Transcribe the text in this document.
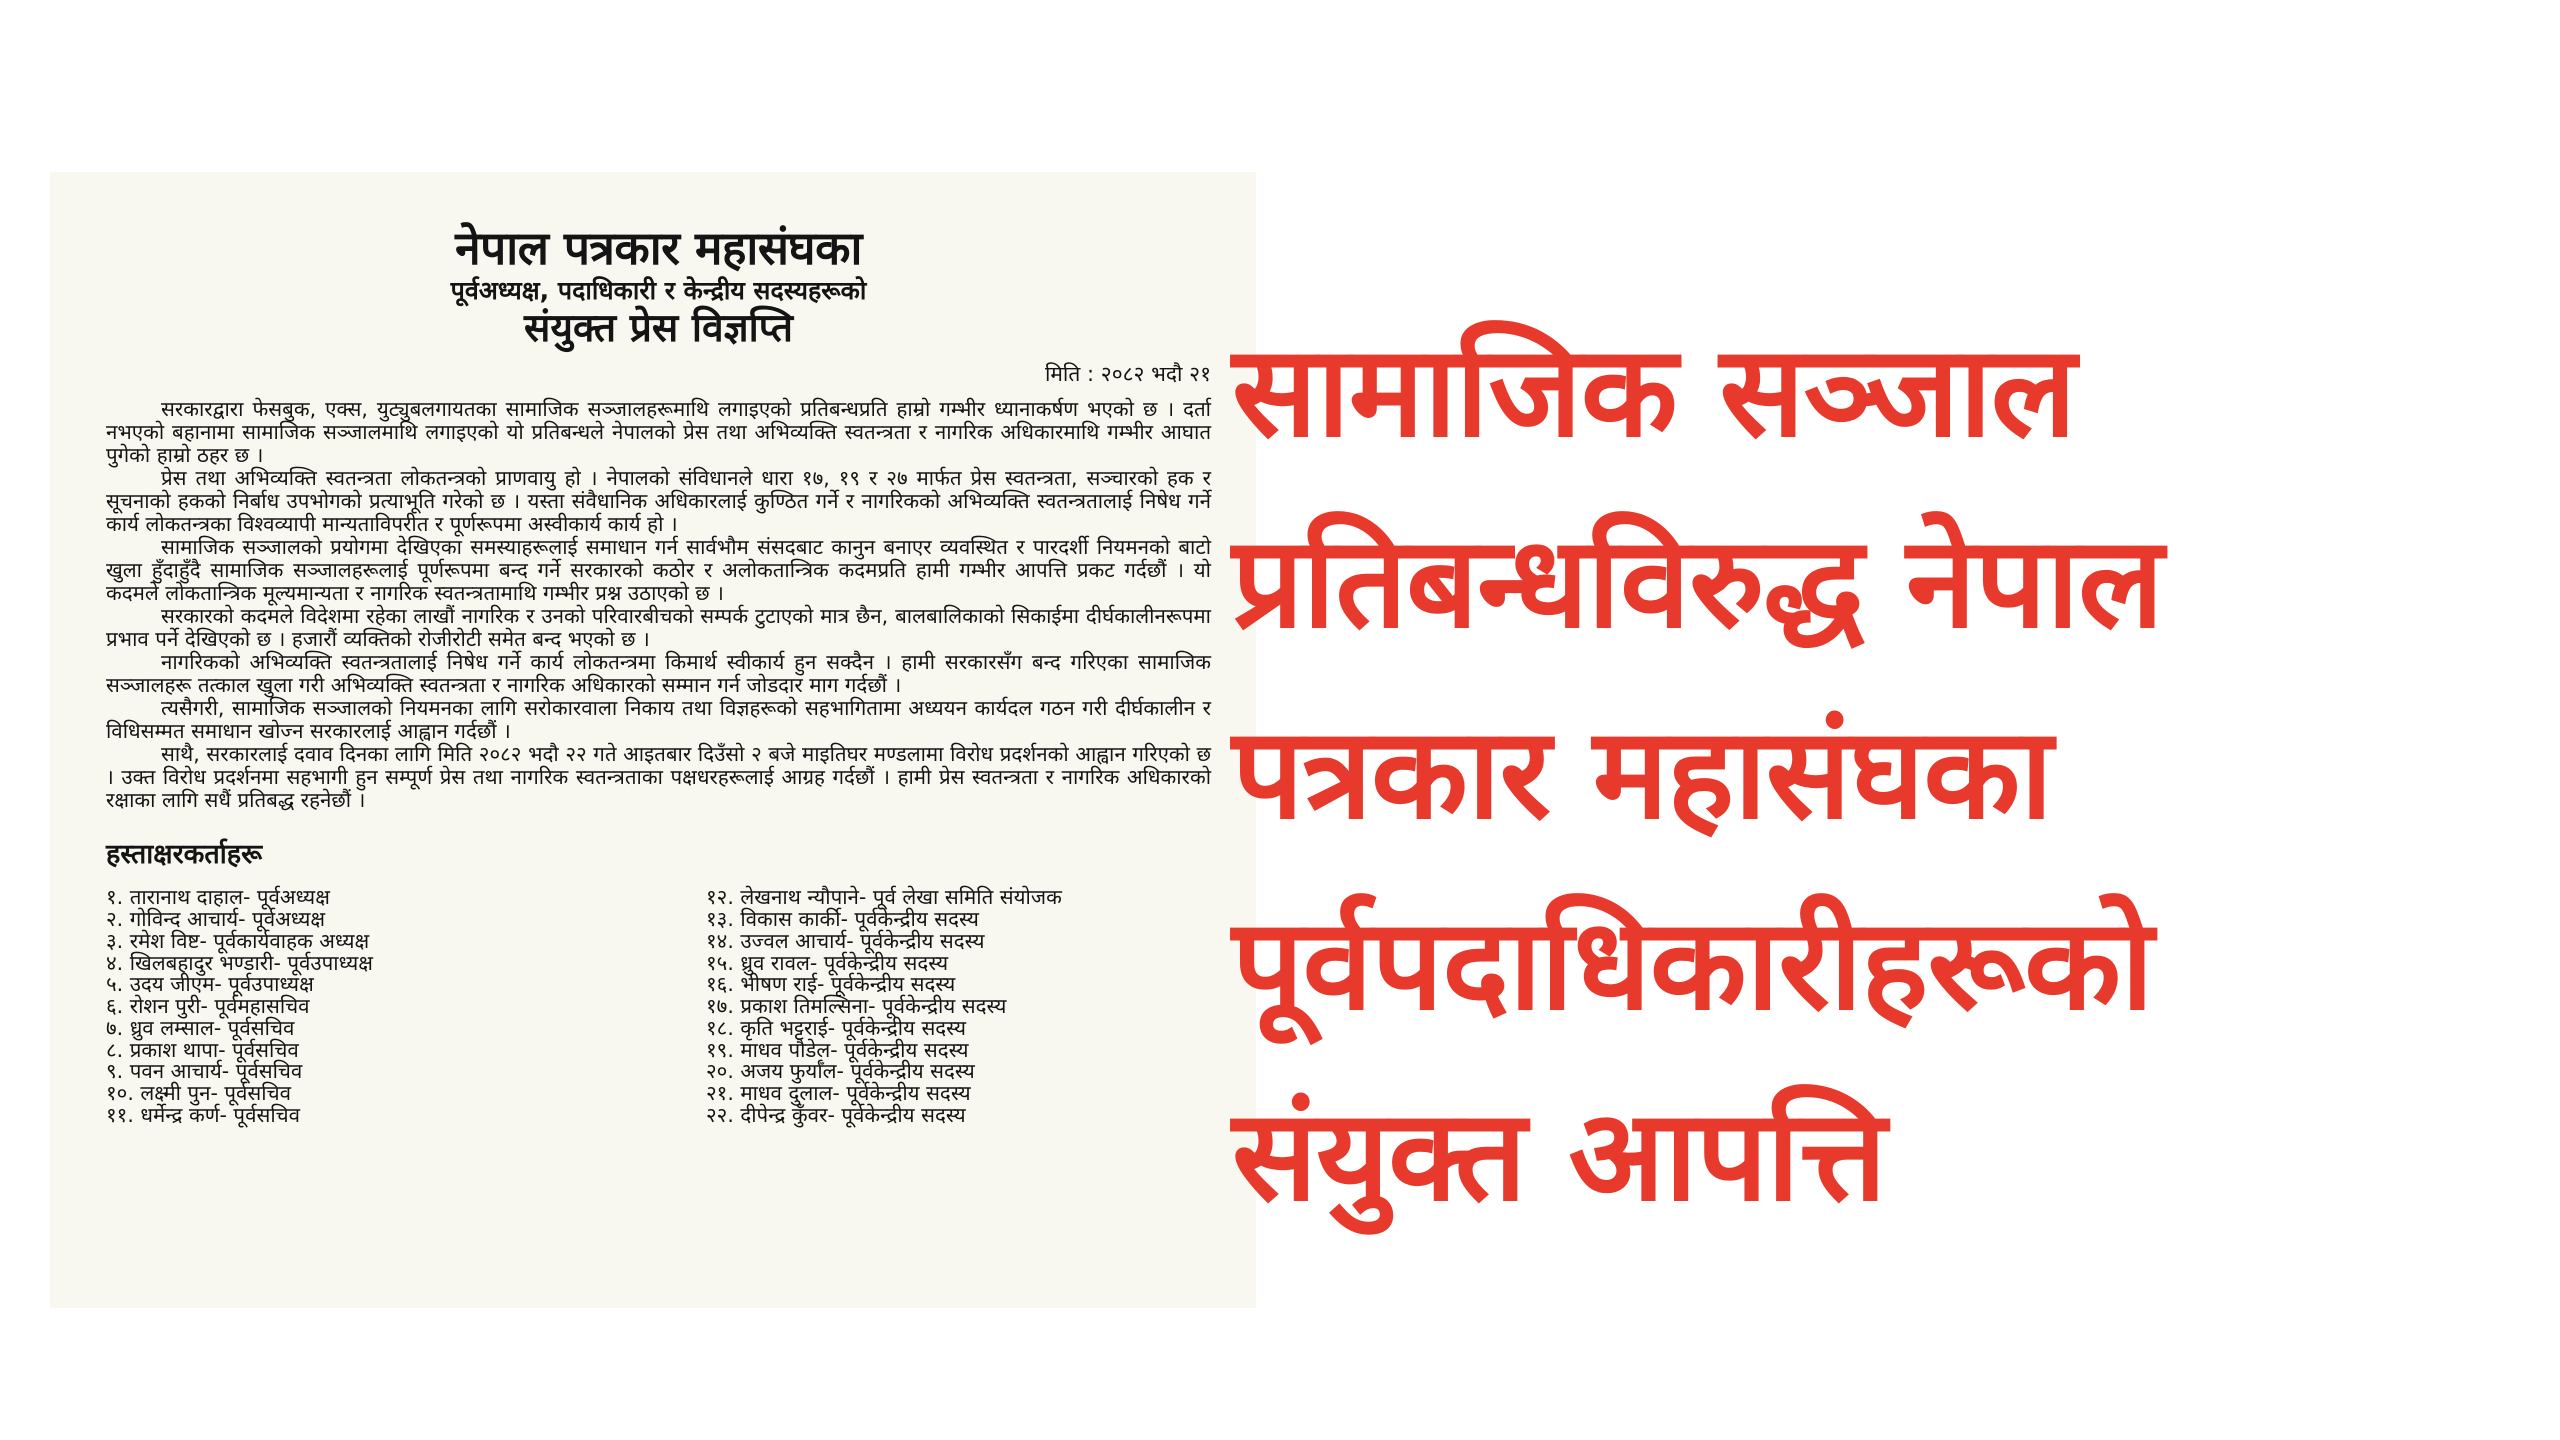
नेपाल पत्रकार महासंघका
पूर्वअध्यक्ष, पदाधिकारी र केन्द्रीय सदस्यहरूको
संयुक्त प्रेस विज्ञप्ति
मिति : २०८२ भदौ २१

सरकारद्वारा फेसबुक, एक्स, युट्युबलगायतका सामाजिक सञ्जालहरूमाथि लगाइएको प्रतिबन्धप्रति हाम्रो गम्भीर ध्यानाकर्षण भएको छ । दर्ता नभएको बहानामा सामाजिक सञ्जालमाथि लगाइएको यो प्रतिबन्धले नेपालको प्रेस तथा अभिव्यक्ति स्वतन्त्रता र नागरिक अधिकारमाथि गम्भीर आघात पुगेको हाम्रो ठहर छ ।

प्रेस तथा अभिव्यक्ति स्वतन्त्रता लोकतन्त्रको प्राणवायु हो । नेपालको संविधानले धारा १७, १९ र २७ मार्फत प्रेस स्वतन्त्रता, सञ्चारको हक र सूचनाको हकको निर्बाध उपभोगको प्रत्याभूति गरेको छ । यस्ता संवैधानिक अधिकारलाई कुण्ठित गर्ने र नागरिकको अभिव्यक्ति स्वतन्त्रतालाई निषेध गर्ने कार्य लोकतन्त्रका विश्वव्यापी मान्यताविपरीत र पूर्णरूपमा अस्वीकार्य कार्य हो ।

सामाजिक सञ्जालको प्रयोगमा देखिएका समस्याहरूलाई समाधान गर्न सार्वभौम संसदबाट कानुन बनाएर व्यवस्थित र पारदर्शी नियमनको बाटो खुला हुँदाहुँदै सामाजिक सञ्जालहरूलाई पूर्णरूपमा बन्द गर्ने सरकारको कठोर र अलोकतान्त्रिक कदमप्रति हामी गम्भीर आपत्ति प्रकट गर्दछौं । यो कदमले लोकतान्त्रिक मूल्यमान्यता र नागरिक स्वतन्त्रतामाथि गम्भीर प्रश्न उठाएको छ ।

सरकारको कदमले विदेशमा रहेका लाखौं नागरिक र उनको परिवारबीचको सम्पर्क टुटाएको मात्र छैन, बालबालिकाको सिकाईमा दीर्घकालीनरूपमा प्रभाव पर्ने देखिएको छ । हजारौं व्यक्तिको रोजीरोटी समेत बन्द भएको छ ।

नागरिकको अभिव्यक्ति स्वतन्त्रतालाई निषेध गर्ने कार्य लोकतन्त्रमा किमार्थ स्वीकार्य हुन सक्दैन । हामी सरकारसँग बन्द गरिएका सामाजिक सञ्जालहरू तत्काल खुला गरी अभिव्यक्ति स्वतन्त्रता र नागरिक अधिकारको सम्मान गर्न जोडदार माग गर्दछौं ।

त्यसैगरी, सामाजिक सञ्जालको नियमनका लागि सरोकारवाला निकाय तथा विज्ञहरूको सहभागितामा अध्ययन कार्यदल गठन गरी दीर्घकालीन र विधिसम्मत समाधान खोज्न सरकारलाई आह्वान गर्दछौं ।

साथै, सरकारलाई दवाव दिनका लागि मिति २०८२ भदौ २२ गते आइतबार दिउँसो २ बजे माइतिघर मण्डलामा विरोध प्रदर्शनको आह्वान गरिएको छ । उक्त विरोध प्रदर्शनमा सहभागी हुन सम्पूर्ण प्रेस तथा नागरिक स्वतन्त्रताका पक्षधरहरूलाई आग्रह गर्दछौं । हामी प्रेस स्वतन्त्रता र नागरिक अधिकारको रक्षाका लागि सधैं प्रतिबद्ध रहनेछौं ।

हस्ताक्षरकर्ताहरू
१. तारानाथ दाहाल- पूर्वअध्यक्ष
२. गोविन्द आचार्य- पूर्वअध्यक्ष
३. रमेश विष्ट- पूर्वकार्यवाहक अध्यक्ष
४. खिलबहादुर भण्डारी- पूर्वउपाध्यक्ष
५. उदय जीएम- पूर्वउपाध्यक्ष
६. रोशन पुरी- पूर्वमहासचिव
७. ध्रुव लम्साल- पूर्वसचिव
८. प्रकाश थापा- पूर्वसचिव
९. पवन आचार्य- पूर्वसचिव
१०. लक्ष्मी पुन- पूर्वसचिव
११. धर्मेन्द्र कर्ण- पूर्वसचिव
१२. लेखनाथ न्यौपाने- पूर्व लेखा समिति संयोजक
१३. विकास कार्की- पूर्वकेन्द्रीय सदस्य
१४. उज्वल आचार्य- पूर्वकेन्द्रीय सदस्य
१५. ध्रुव रावल- पूर्वकेन्द्रीय सदस्य
१६. भीषण राई- पूर्वकेन्द्रीय सदस्य
१७. प्रकाश तिमल्सिना- पूर्वकेन्द्रीय सदस्य
१८. कृति भट्टराई- पूर्वकेन्द्रीय सदस्य
१९. माधव पौडेल- पूर्वकेन्द्रीय सदस्य
२०. अजय फुर्याँल- पूर्वकेन्द्रीय सदस्य
२१. माधव दुलाल- पूर्वकेन्द्रीय सदस्य
२२. दीपेन्द्र कुँवर- पूर्वकेन्द्रीय सदस्य
सामाजिक सञ्जाल
प्रतिबन्धविरुद्ध नेपाल
पत्रकार महासंघका
पूर्वपदाधिकारीहरूको
संयुक्त आपत्ति
